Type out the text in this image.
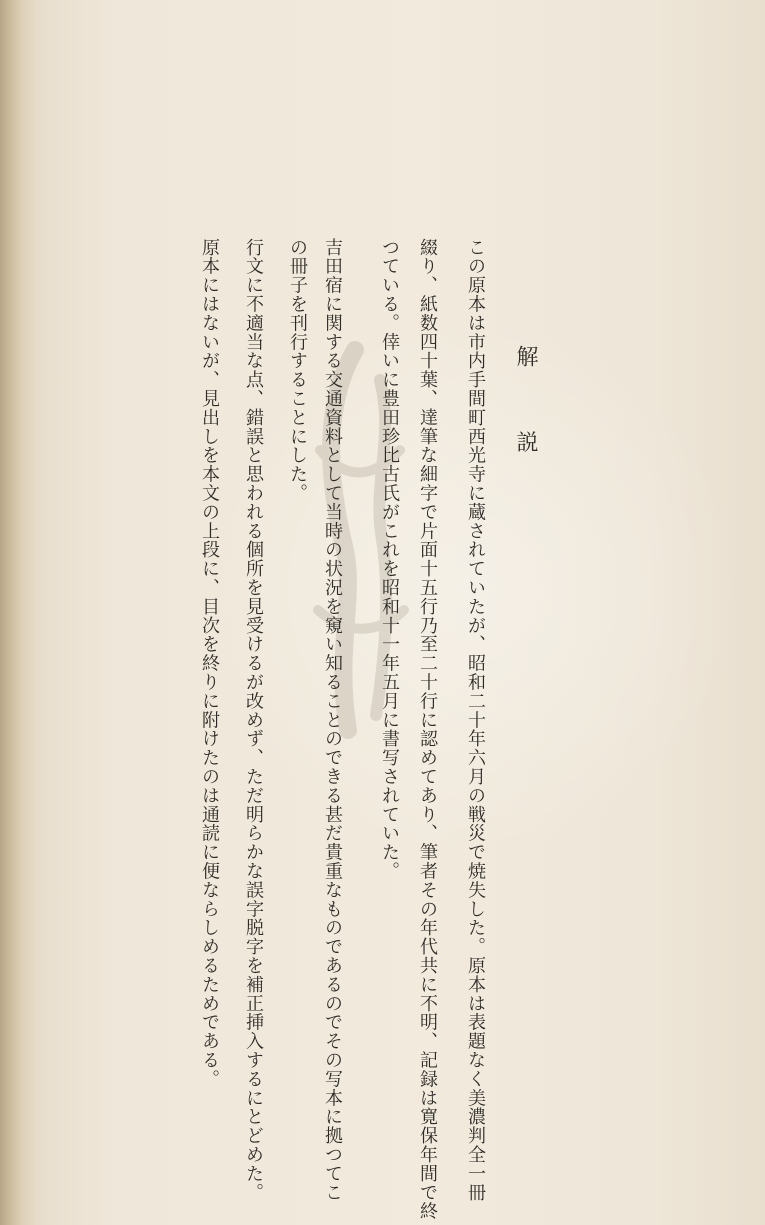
解　説
この原本は市内手間町西光寺に蔵されていたが、昭和二十年六月の戦災で焼失した。原本は表題なく美濃判全一冊
綴り、紙数四十葉、達筆な細字で片面十五行乃至二十行に認めてあり、筆者その年代共に不明、記録は寛保年間で終
つている。倖いに豊田珍比古氏がこれを昭和十一年五月に書写されていた。
吉田宿に関する交通資料として当時の状況を窺い知ることのできる甚だ貴重なものであるのでその写本に拠つてこ
の冊子を刊行することにした。
行文に不適当な点、錯誤と思われる個所を見受けるが改めず、ただ明らかな誤字脱字を補正挿入するにとどめた。
原本にはないが、見出しを本文の上段に、目次を終りに附けたのは通読に便ならしめるためである。
